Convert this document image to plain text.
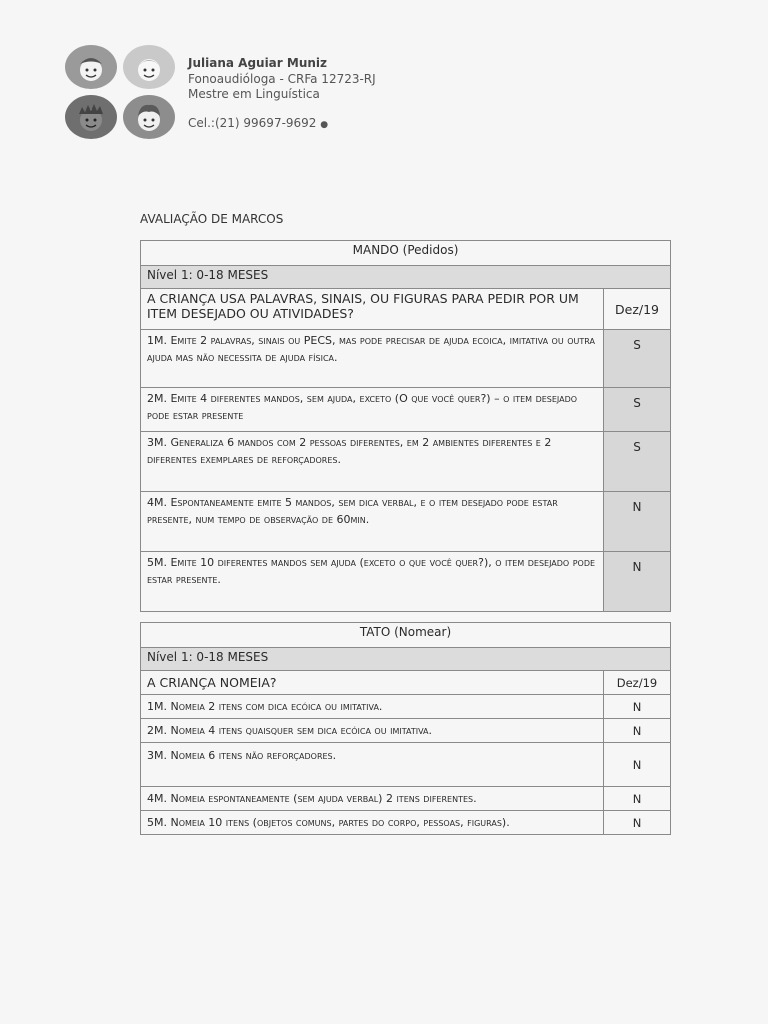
Juliana Aguiar Muniz
Fonoaudióloga - CRFa 12723-RJ
Mestre em Linguística
Cel.:(21) 99697-9692 ●
AVALIAÇÃO DE MARCOS
MANDO (Pedidos)	
Nível 1: 0-18 MESES	
A CRIANÇA USA PALAVRAS, SINAIS, OU FIGURAS PARA PEDIR POR UM ITEM DESEJADO OU ATIVIDADES?	Dez/19
1M. Emite 2 palavras, sinais ou PECS, mas pode precisar de ajuda ecoica, imitativa ou outra ajuda mas não necessita de ajuda física.	S
2M. Emite 4 diferentes mandos, sem ajuda, exceto (O que você quer?) – o item desejado pode estar presente	S
3M. Generaliza 6 mandos com 2 pessoas diferentes, em 2 ambientes diferentes e 2 diferentes exemplares de reforçadores.	S
4M. Espontaneamente emite 5 mandos, sem dica verbal, e o item desejado pode estar presente, num tempo de observação de 60min.	N
5M. Emite 10 diferentes mandos sem ajuda (exceto o que você quer?), o item desejado pode estar presente.	N
TATO (Nomear)	
Nível 1: 0-18 MESES	
A CRIANÇA NOMEIA?	Dez/19
1M. Nomeia 2 itens com dica ecóica ou imitativa.	N
2M. Nomeia 4 itens quaisquer sem dica ecóica ou imitativa.	N
3M. Nomeia 6 itens não reforçadores.	N
4M. Nomeia espontaneamente (sem ajuda verbal) 2 itens diferentes.	N
5M. Nomeia 10 itens (objetos comuns, partes do corpo, pessoas, figuras).	N
